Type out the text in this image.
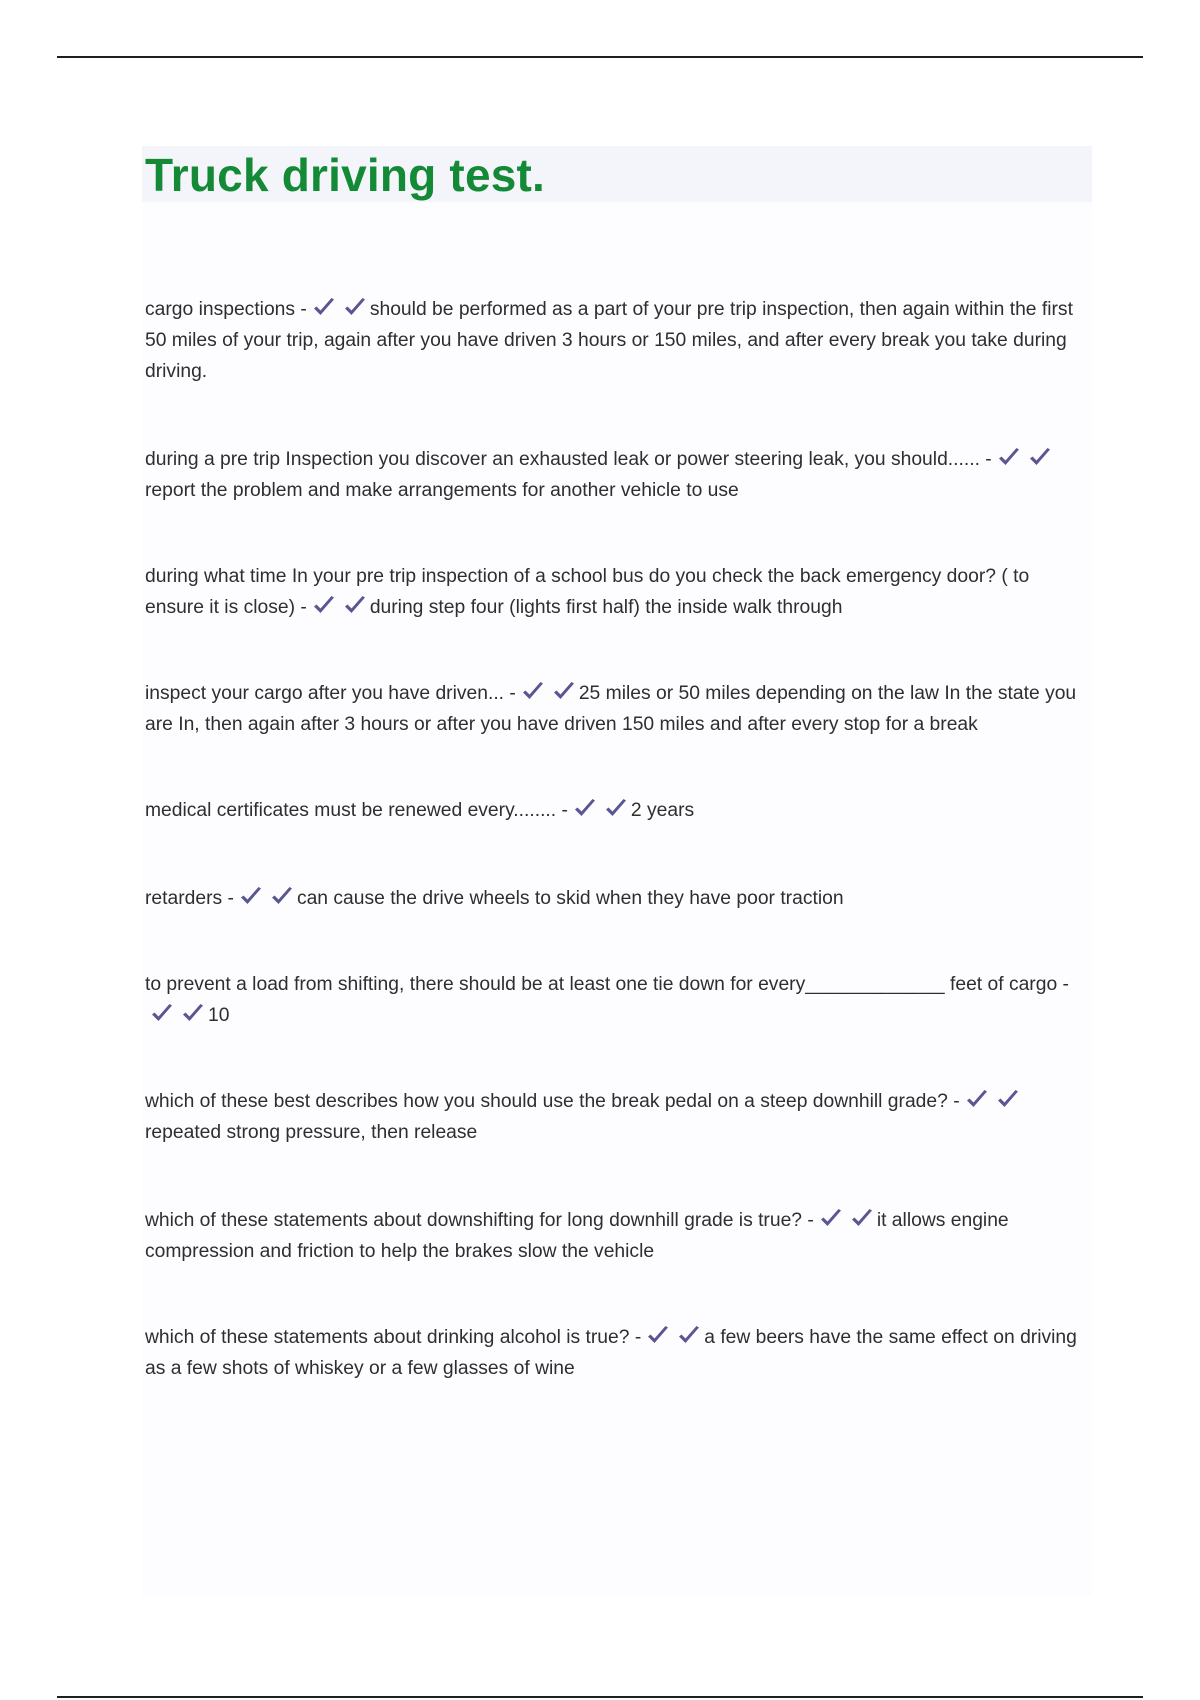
Truck driving test.

cargo inspections -	should be performed as a part of your pre trip inspection, then again within the first 50 miles of your trip, again after you have driven 3 hours or 150 miles, and after every break you take during driving.

during a pre trip Inspection you discover an exhausted leak or power steering leak, you should...... -
report the problem and make arrangements for another vehicle to use

during what time In your pre trip inspection of a school bus do you check the back emergency door? ( to ensure it is close) -	during step four (lights first half) the inside walk through

inspect your cargo after you have driven... -	25 miles or 50 miles depending on the law In the state you are In, then again after 3 hours or after you have driven 150 miles and after every stop for a break

medical certificates must be renewed every........ -	2 years

retarders -	can cause the drive wheels to skid when they have poor traction

to prevent a load from shifting, there should be at least one tie down for every_____________ feet of cargo -
10

which of these best describes how you should use the break pedal on a steep downhill grade? -
repeated strong pressure, then release

which of these statements about downshifting for long downhill grade is true? -	it allows engine compression and friction to help the brakes slow the vehicle

which of these statements about drinking alcohol is true? -	a few beers have the same effect on driving as a few shots of whiskey or a few glasses of wine
